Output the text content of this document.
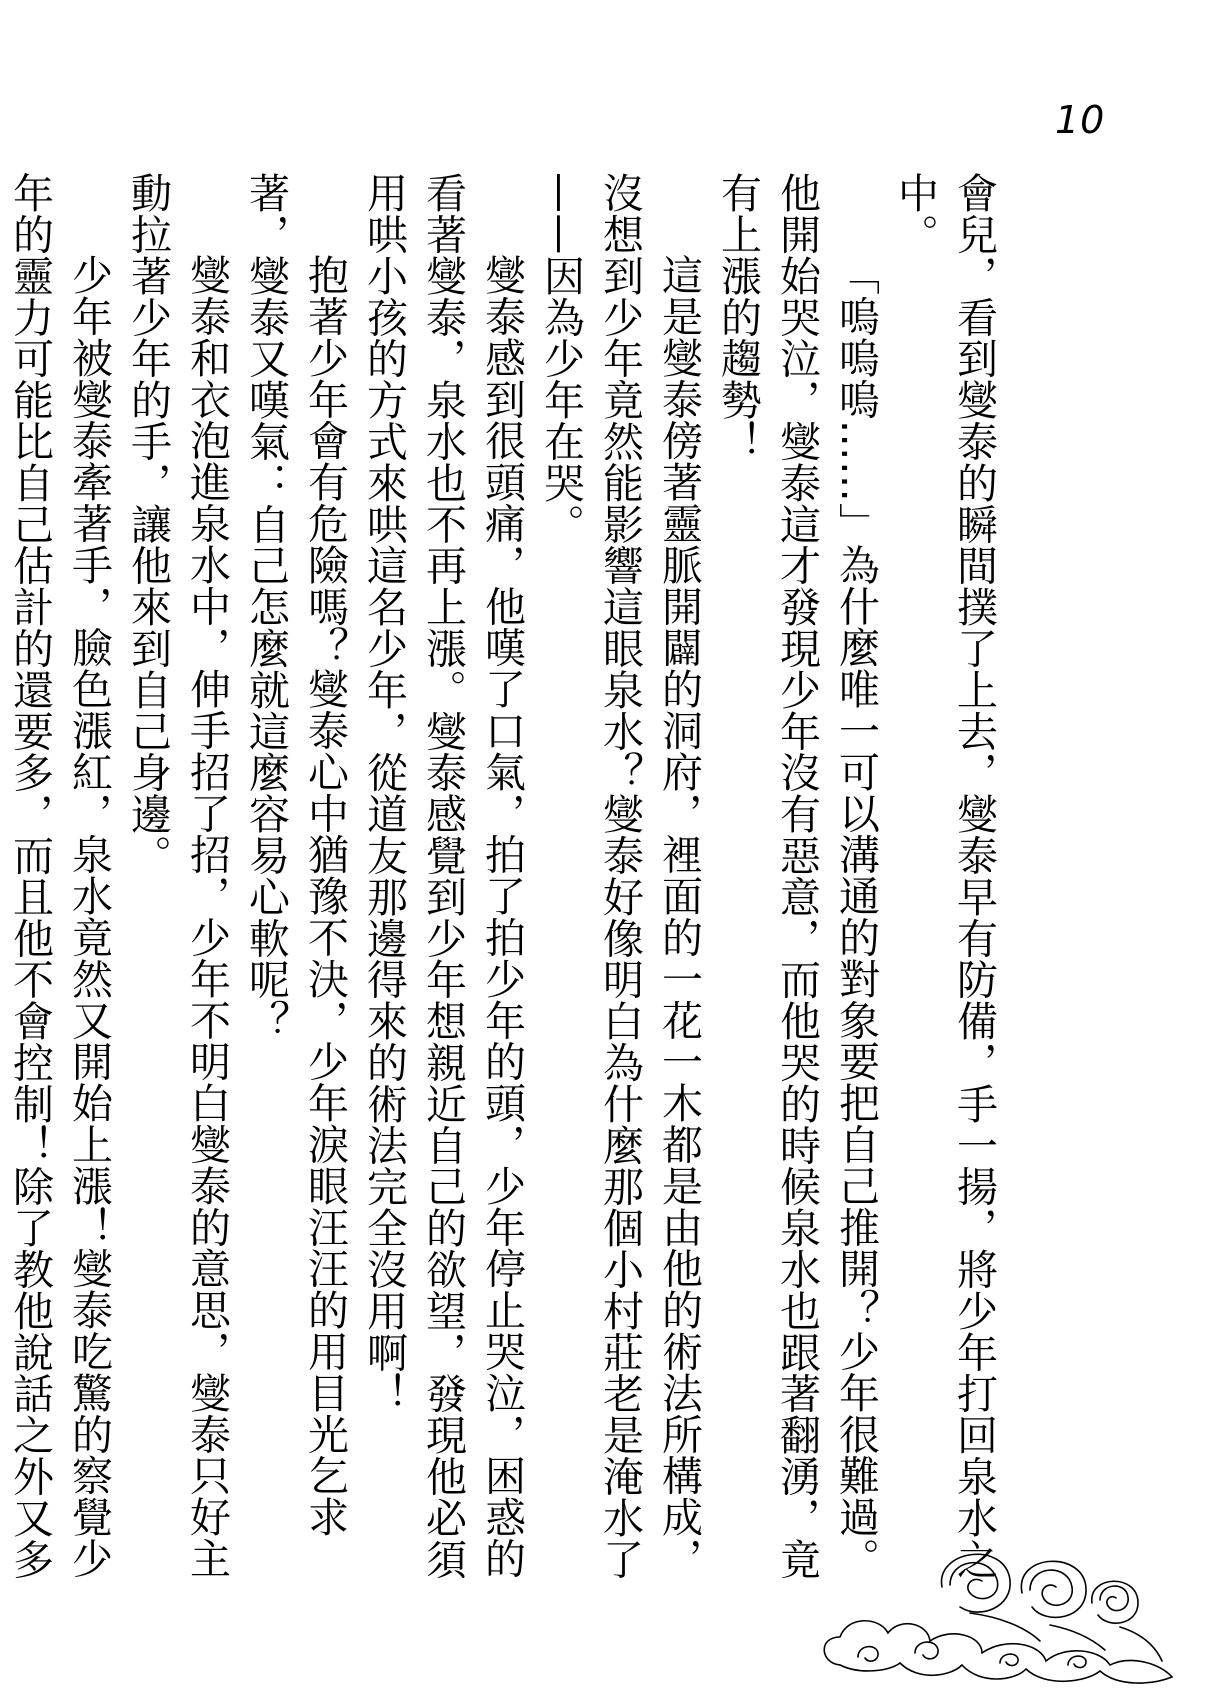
10

會兒，看到燮泰的瞬間撲了上去，燮泰早有防備，手一揚，將少年打回泉水之中。

「嗚嗚嗚……」為什麼唯一可以溝通的對象要把自己推開？少年很難過。他開始哭泣，燮泰這才發現少年沒有惡意，而他哭的時候泉水也跟著翻湧，竟有上漲的趨勢！

這是燮泰傍著靈脈開闢的洞府，裡面的一花一木都是由他的術法所構成，沒想到少年竟然能影響這眼泉水？燮泰好像明白為什麼那個小村莊老是淹水了——因為少年在哭。

燮泰感到很頭痛，他嘆了口氣，拍了拍少年的頭，少年停止哭泣，困惑的看著燮泰，泉水也不再上漲。燮泰感覺到少年想親近自己的欲望，發現他必須用哄小孩的方式來哄這名少年，從道友那邊得來的術法完全沒用啊！

抱著少年會有危險嗎？燮泰心中猶豫不決，少年淚眼汪汪的用目光乞求著，燮泰又嘆氣：自己怎麼就這麼容易心軟呢？

燮泰和衣泡進泉水中，伸手招了招，少年不明白燮泰的意思，燮泰只好主動拉著少年的手，讓他來到自己身邊。

少年被燮泰牽著手，臉色漲紅，泉水竟然又開始上漲！燮泰吃驚的察覺少年的靈力可能比自己估計的還要多，而且他不會控制！除了教他說話之外又多
